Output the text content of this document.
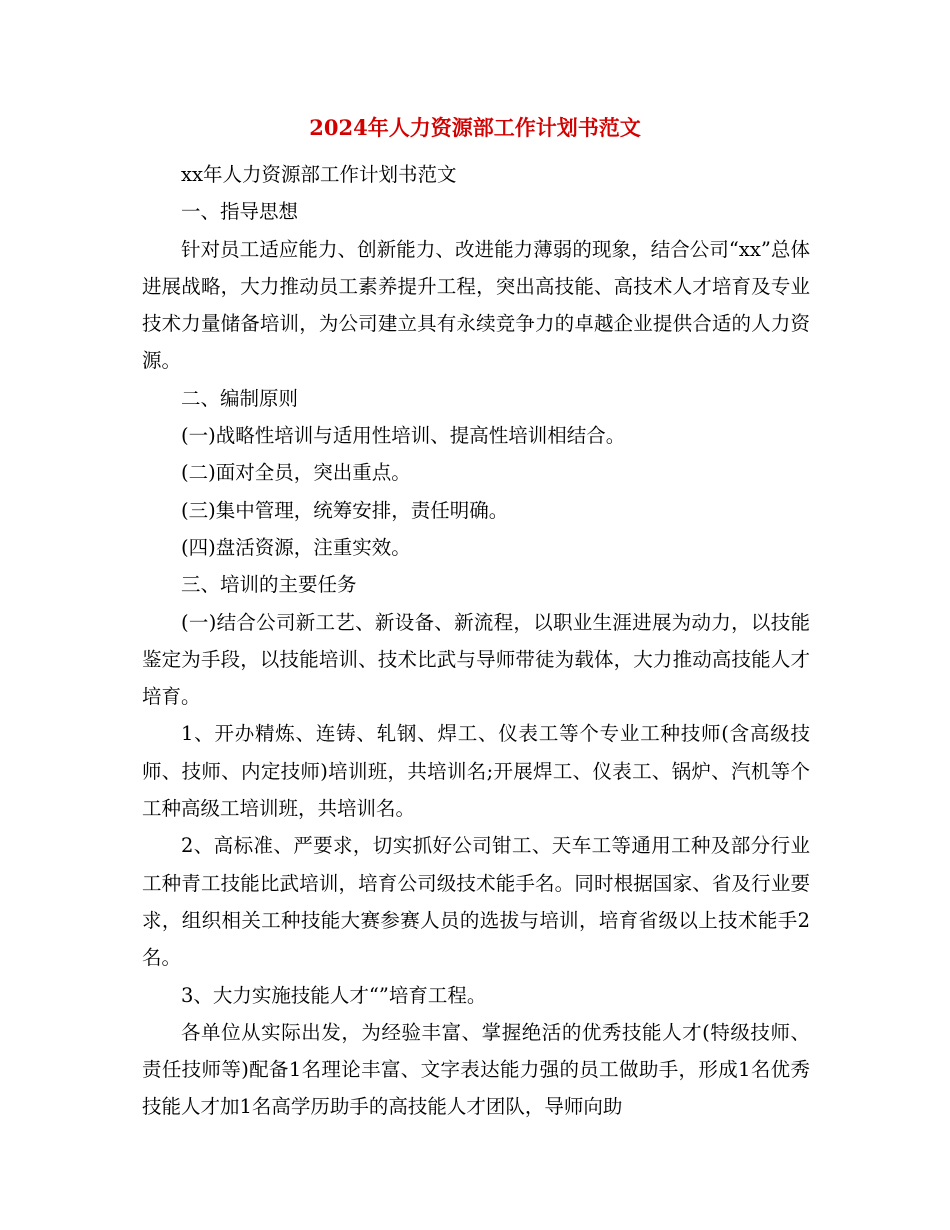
2024年人力资源部工作计划书范文

xx年人力资源部工作计划书范文

一、指导思想

针对员工适应能力、创新能力、改进能力薄弱的现象，结合公司“xx”总体进展战略，大力推动员工素养提升工程，突出高技能、高技术人才培育及专业技术力量储备培训，为公司建立具有永续竞争力的卓越企业提供合适的人力资源。

二、编制原则

(一)战略性培训与适用性培训、提高性培训相结合。

(二)面对全员，突出重点。

(三)集中管理，统筹安排，责任明确。

(四)盘活资源，注重实效。

三、培训的主要任务

(一)结合公司新工艺、新设备、新流程，以职业生涯进展为动力，以技能鉴定为手段，以技能培训、技术比武与导师带徒为载体，大力推动高技能人才培育。

1、开办精炼、连铸、轧钢、焊工、仪表工等个专业工种技师(含高级技师、技师、内定技师)培训班，共培训名;开展焊工、仪表工、锅炉、汽机等个工种高级工培训班，共培训名。

2、高标准、严要求，切实抓好公司钳工、天车工等通用工种及部分行业工种青工技能比武培训，培育公司级技术能手名。同时根据国家、省及行业要求，组织相关工种技能大赛参赛人员的选拔与培训，培育省级以上技术能手2名。

3、大力实施技能人才“”培育工程。

各单位从实际出发，为经验丰富、掌握绝活的优秀技能人才(特级技师、责任技师等)配备1名理论丰富、文字表达能力强的员工做助手，形成1名优秀技能人才加1名高学历助手的高技能人才团队，导师向助
